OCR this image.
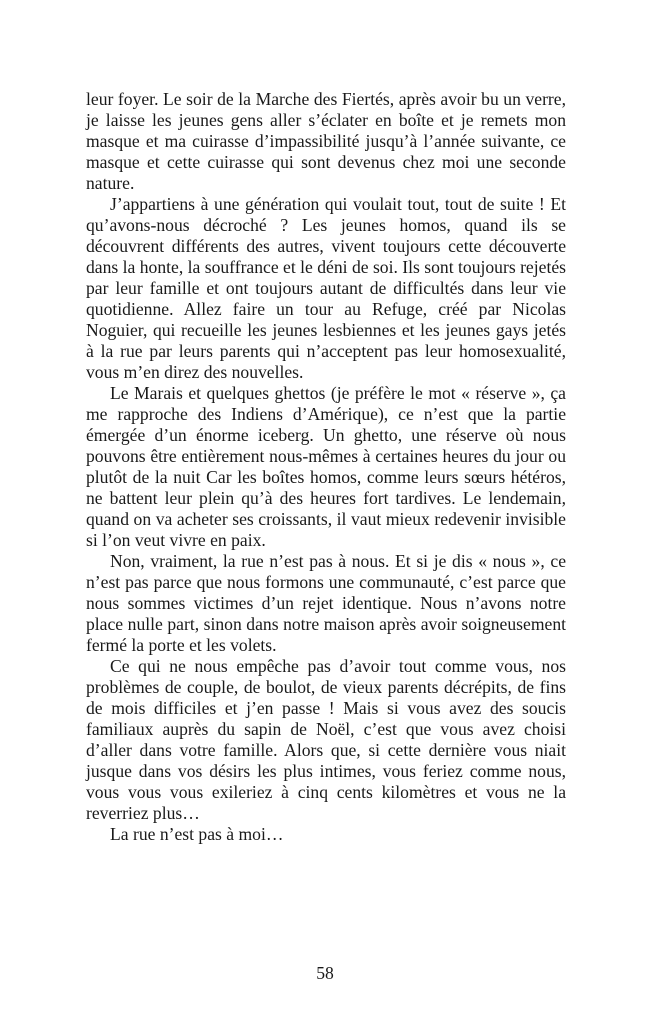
leur foyer. Le soir de la Marche des Fiertés, après avoir bu un verre, je laisse les jeunes gens aller s’éclater en boîte et je remets mon masque et ma cuirasse d’impassibilité jusqu’à l’année suivante, ce masque et cette cuirasse qui sont devenus chez moi une seconde nature.

J’appartiens à une génération qui voulait tout, tout de suite ! Et qu’avons-nous décroché ? Les jeunes homos, quand ils se découvrent différents des autres, vivent toujours cette découverte dans la honte, la souffrance et le déni de soi. Ils sont toujours rejetés par leur famille et ont toujours autant de difficultés dans leur vie quotidienne. Allez faire un tour au Refuge, créé par Nicolas Noguier, qui recueille les jeunes lesbiennes et les jeunes gays jetés à la rue par leurs parents qui n’acceptent pas leur homosexualité, vous m’en direz des nouvelles.

Le Marais et quelques ghettos (je préfère le mot « réserve », ça me rapproche des Indiens d’Amérique), ce n’est que la partie émergée d’un énorme iceberg. Un ghetto, une réserve où nous pouvons être entièrement nous-mêmes à certaines heures du jour ou plutôt de la nuit Car les boîtes homos, comme leurs sœurs hétéros, ne battent leur plein qu’à des heures fort tardives. Le lendemain, quand on va acheter ses croissants, il vaut mieux redevenir invisible si l’on veut vivre en paix.

Non, vraiment, la rue n’est pas à nous. Et si je dis « nous », ce n’est pas parce que nous formons une communauté, c’est parce que nous sommes victimes d’un rejet identique. Nous n’avons notre place nulle part, sinon dans notre maison après avoir soigneusement fermé la porte et les volets.

Ce qui ne nous empêche pas d’avoir tout comme vous, nos problèmes de couple, de boulot, de vieux parents décrépits, de fins de mois difficiles et j’en passe ! Mais si vous avez des soucis familiaux auprès du sapin de Noël, c’est que vous avez choisi d’aller dans votre famille. Alors que, si cette dernière vous niait jusque dans vos désirs les plus intimes, vous feriez comme nous, vous vous vous exileriez à cinq cents kilomètres et vous ne la reverriez plus…

La rue n’est pas à moi…

58
